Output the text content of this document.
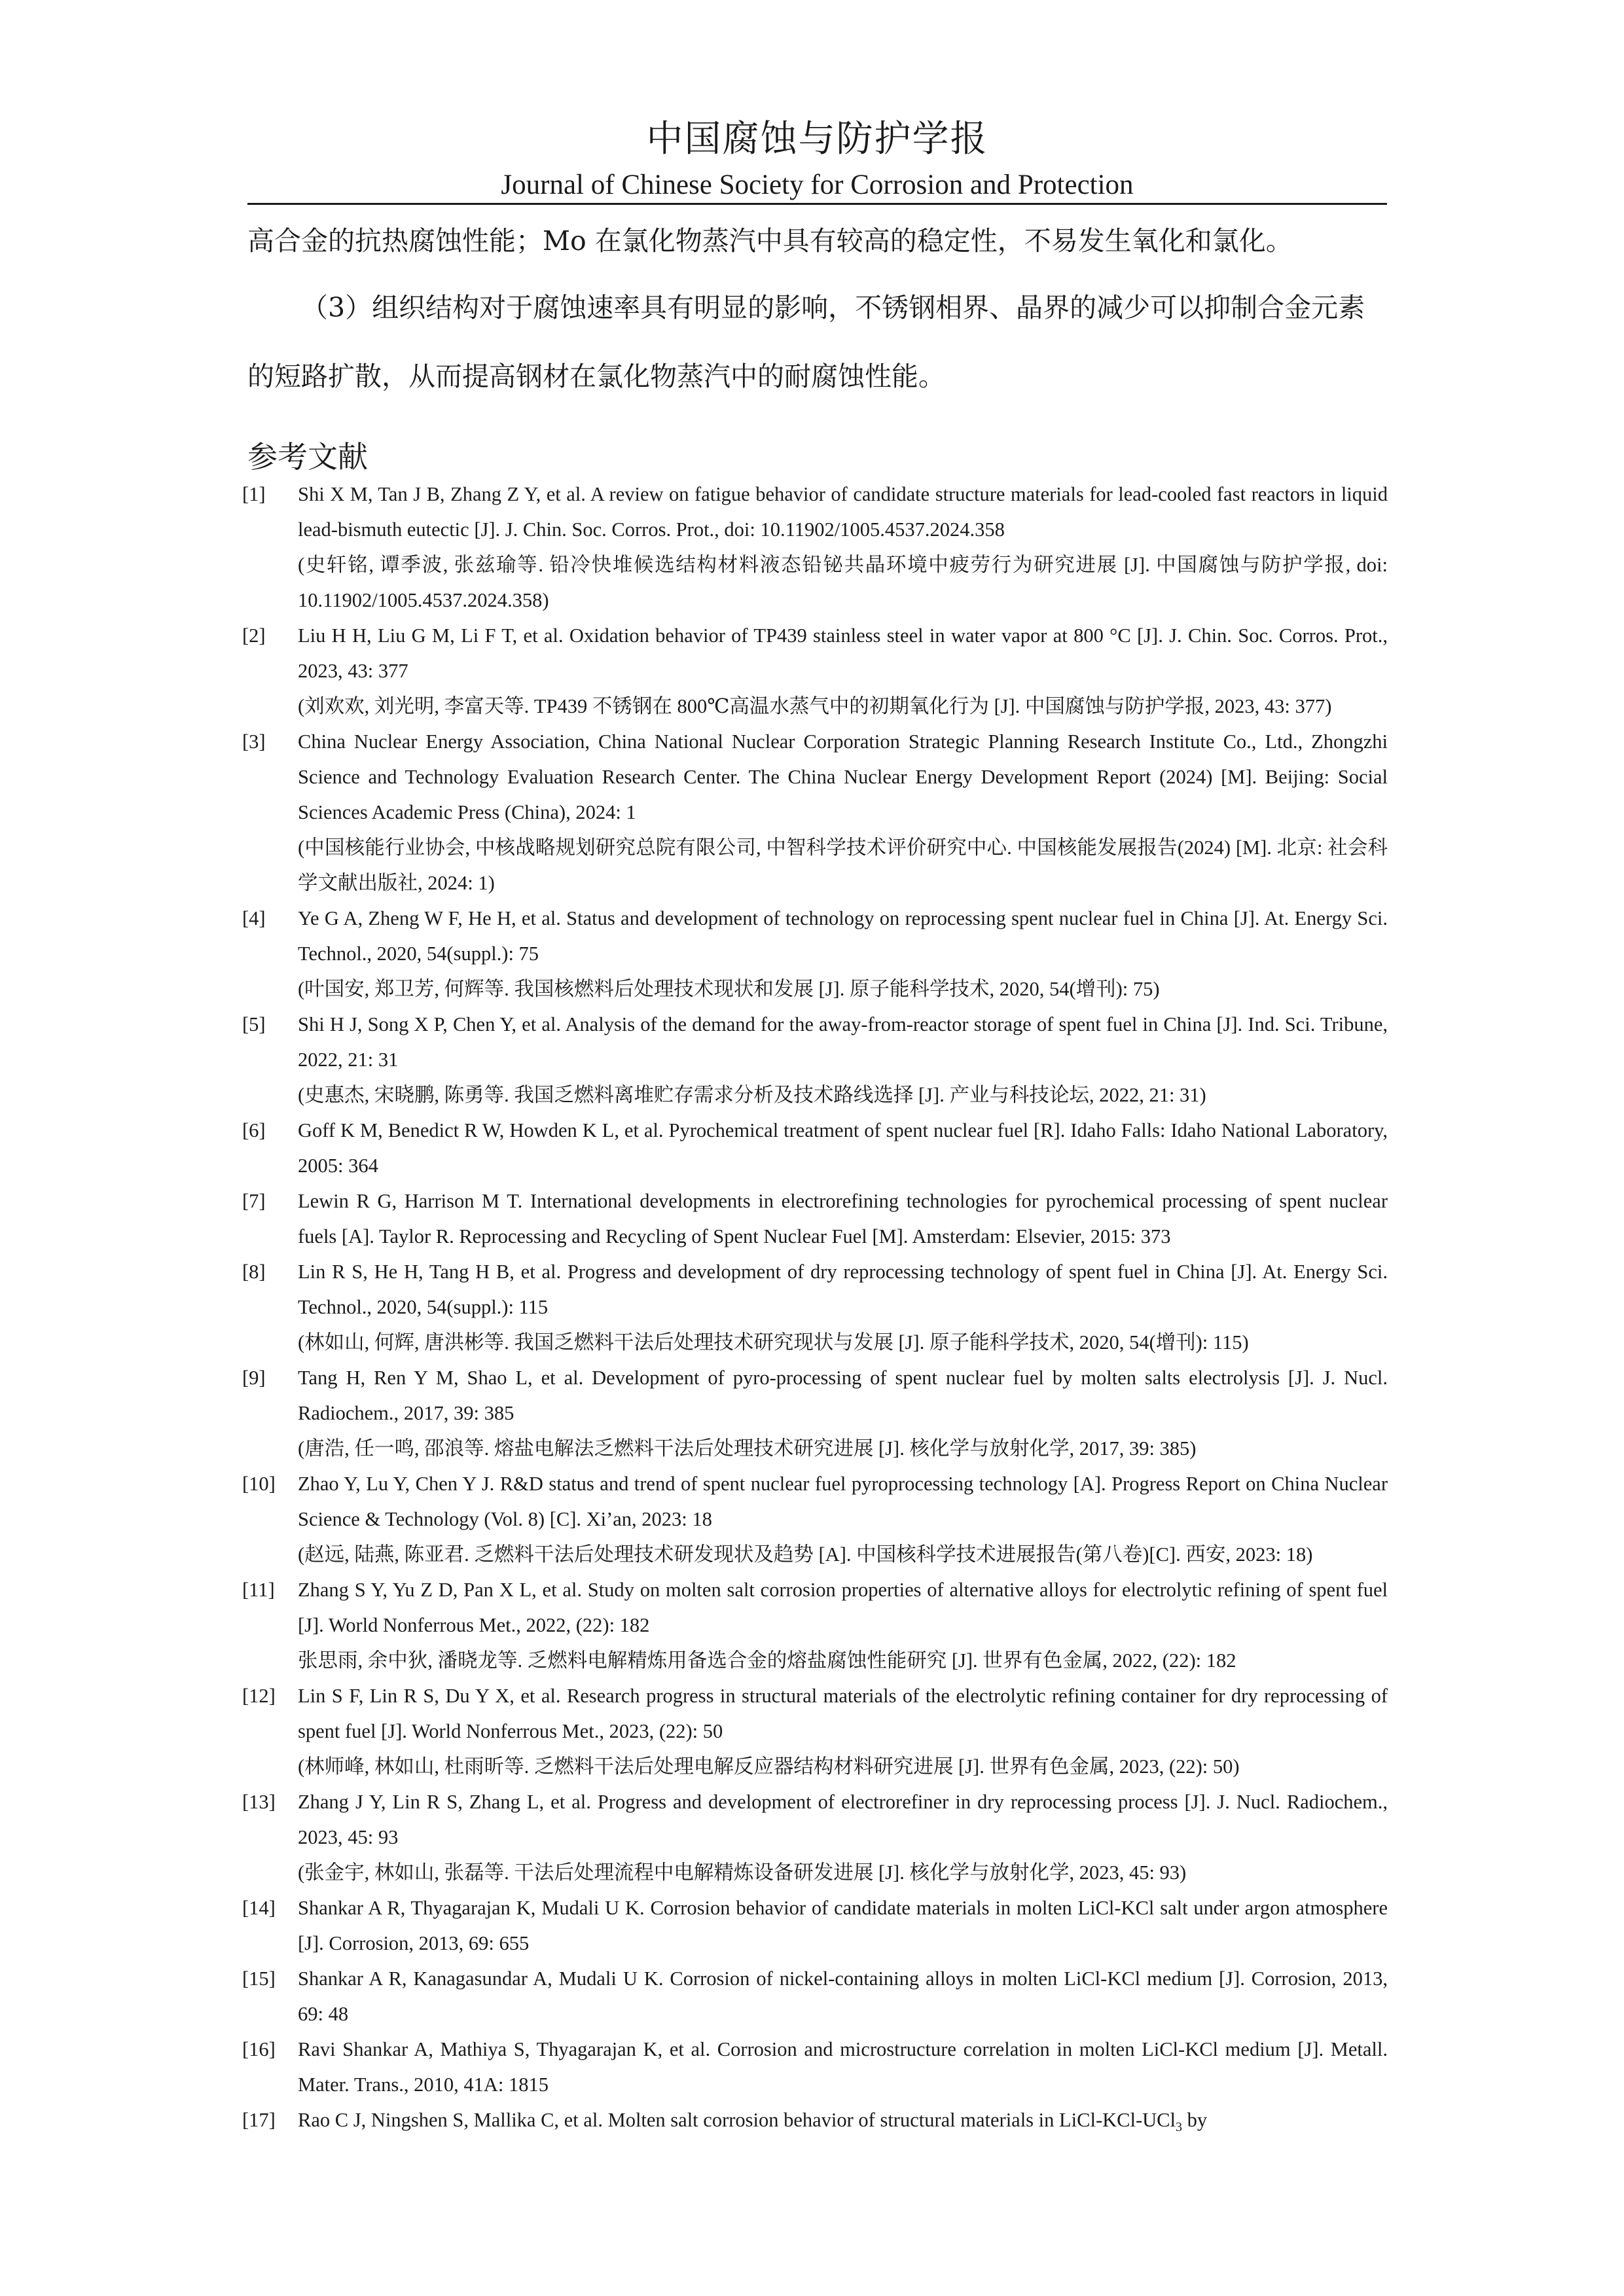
中国腐蚀与防护学报
Journal of Chinese Society for Corrosion and Protection
高合金的抗热腐蚀性能；Mo 在氯化物蒸汽中具有较高的稳定性，不易发生氧化和氯化。
（3）组织结构对于腐蚀速率具有明显的影响，不锈钢相界、晶界的减少可以抑制合金元素的短路扩散，从而提高钢材在氯化物蒸汽中的耐腐蚀性能。
参考文献
[1] Shi X M, Tan J B, Zhang Z Y, et al. A review on fatigue behavior of candidate structure materials for lead-cooled fast reactors in liquid lead-bismuth eutectic [J]. J. Chin. Soc. Corros. Prot., doi: 10.11902/1005.4537.2024.358
(史轩铭, 谭季波, 张兹瑜等. 铅冷快堆候选结构材料液态铅铋共晶环境中疲劳行为研究进展 [J]. 中国腐蚀与防护学报, doi: 10.11902/1005.4537.2024.358)
[2] Liu H H, Liu G M, Li F T, et al. Oxidation behavior of TP439 stainless steel in water vapor at 800 °C [J]. J. Chin. Soc. Corros. Prot., 2023, 43: 377
(刘欢欢, 刘光明, 李富天等. TP439 不锈钢在 800℃高温水蒸气中的初期氧化行为 [J]. 中国腐蚀与防护学报, 2023, 43: 377)
[3] China Nuclear Energy Association, China National Nuclear Corporation Strategic Planning Research Institute Co., Ltd., Zhongzhi Science and Technology Evaluation Research Center. The China Nuclear Energy Development Report (2024) [M]. Beijing: Social Sciences Academic Press (China), 2024: 1
(中国核能行业协会, 中核战略规划研究总院有限公司, 中智科学技术评价研究中心. 中国核能发展报告(2024) [M]. 北京: 社会科学文献出版社, 2024: 1)
[4] Ye G A, Zheng W F, He H, et al. Status and development of technology on reprocessing spent nuclear fuel in China [J]. At. Energy Sci. Technol., 2020, 54(suppl.): 75
(叶国安, 郑卫芳, 何辉等. 我国核燃料后处理技术现状和发展 [J]. 原子能科学技术, 2020, 54(增刊): 75)
[5] Shi H J, Song X P, Chen Y, et al. Analysis of the demand for the away-from-reactor storage of spent fuel in China [J]. Ind. Sci. Tribune, 2022, 21: 31
(史惠杰, 宋晓鹏, 陈勇等. 我国乏燃料离堆贮存需求分析及技术路线选择 [J]. 产业与科技论坛, 2022, 21: 31)
[6] Goff K M, Benedict R W, Howden K L, et al. Pyrochemical treatment of spent nuclear fuel [R]. Idaho Falls: Idaho National Laboratory, 2005: 364
[7] Lewin R G, Harrison M T. International developments in electrorefining technologies for pyrochemical processing of spent nuclear fuels [A]. Taylor R. Reprocessing and Recycling of Spent Nuclear Fuel [M]. Amsterdam: Elsevier, 2015: 373
[8] Lin R S, He H, Tang H B, et al. Progress and development of dry reprocessing technology of spent fuel in China [J]. At. Energy Sci. Technol., 2020, 54(suppl.): 115
(林如山, 何辉, 唐洪彬等. 我国乏燃料干法后处理技术研究现状与发展 [J]. 原子能科学技术, 2020, 54(增刊): 115)
[9] Tang H, Ren Y M, Shao L, et al. Development of pyro-processing of spent nuclear fuel by molten salts electrolysis [J]. J. Nucl. Radiochem., 2017, 39: 385
(唐浩, 任一鸣, 邵浪等. 熔盐电解法乏燃料干法后处理技术研究进展 [J]. 核化学与放射化学, 2017, 39: 385)
[10] Zhao Y, Lu Y, Chen Y J. R&D status and trend of spent nuclear fuel pyroprocessing technology [A]. Progress Report on China Nuclear Science & Technology (Vol. 8) [C]. Xi’an, 2023: 18
(赵远, 陆燕, 陈亚君. 乏燃料干法后处理技术研发现状及趋势 [A]. 中国核科学技术进展报告(第八卷)[C]. 西安, 2023: 18)
[11] Zhang S Y, Yu Z D, Pan X L, et al. Study on molten salt corrosion properties of alternative alloys for electrolytic refining of spent fuel [J]. World Nonferrous Met., 2022, (22): 182
张思雨, 余中狄, 潘晓龙等. 乏燃料电解精炼用备选合金的熔盐腐蚀性能研究 [J]. 世界有色金属, 2022, (22): 182
[12] Lin S F, Lin R S, Du Y X, et al. Research progress in structural materials of the electrolytic refining container for dry reprocessing of spent fuel [J]. World Nonferrous Met., 2023, (22): 50
(林师峰, 林如山, 杜雨昕等. 乏燃料干法后处理电解反应器结构材料研究进展 [J]. 世界有色金属, 2023, (22): 50)
[13] Zhang J Y, Lin R S, Zhang L, et al. Progress and development of electrorefiner in dry reprocessing process [J]. J. Nucl. Radiochem., 2023, 45: 93
(张金宇, 林如山, 张磊等. 干法后处理流程中电解精炼设备研发进展 [J]. 核化学与放射化学, 2023, 45: 93)
[14] Shankar A R, Thyagarajan K, Mudali U K. Corrosion behavior of candidate materials in molten LiCl-KCl salt under argon atmosphere [J]. Corrosion, 2013, 69: 655
[15] Shankar A R, Kanagasundar A, Mudali U K. Corrosion of nickel-containing alloys in molten LiCl-KCl medium [J]. Corrosion, 2013, 69: 48
[16] Ravi Shankar A, Mathiya S, Thyagarajan K, et al. Corrosion and microstructure correlation in molten LiCl-KCl medium [J]. Metall. Mater. Trans., 2010, 41A: 1815
[17] Rao C J, Ningshen S, Mallika C, et al. Molten salt corrosion behavior of structural materials in LiCl-KCl-UCl$_3$ by
